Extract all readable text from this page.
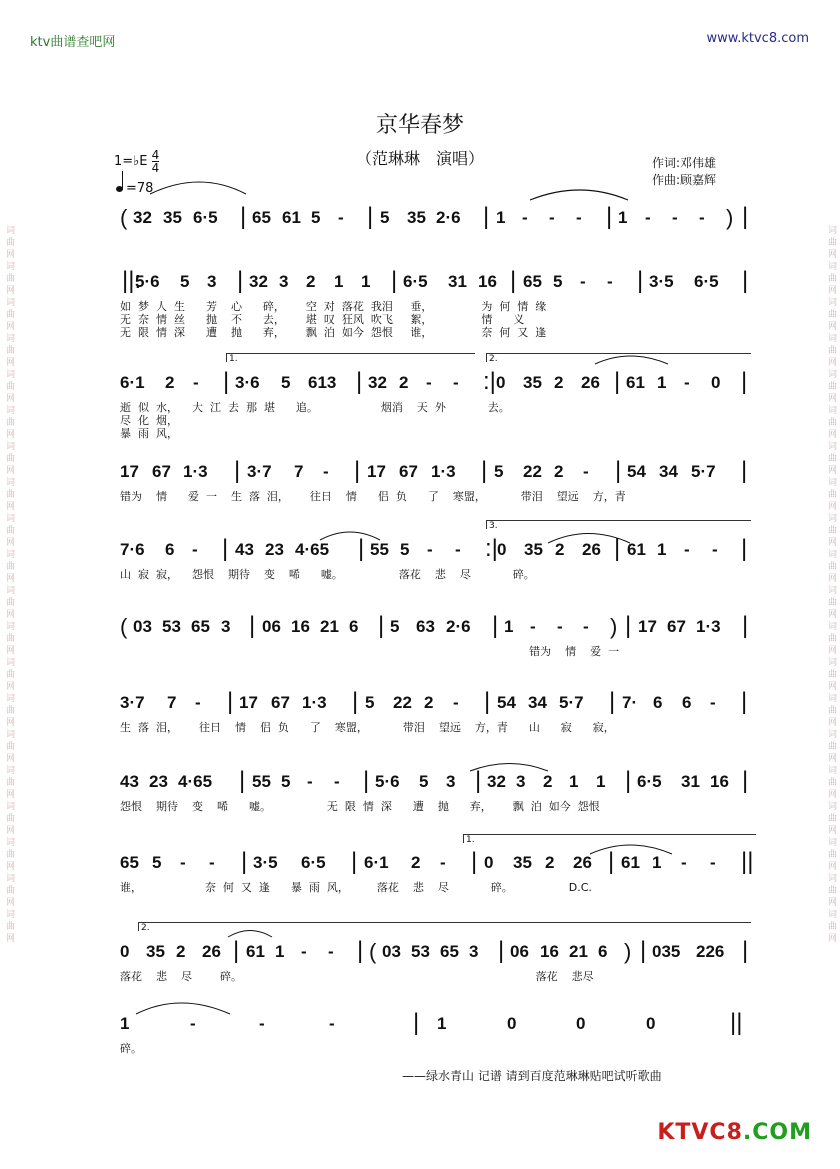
词曲网词曲网词曲网词曲网词曲网词曲网词曲网词曲网词曲网词曲网词曲网词曲网词曲网词曲网词曲网词曲网词曲网词曲网词曲网词曲网	词曲网词曲网词曲网词曲网词曲网词曲网词曲网词曲网词曲网词曲网词曲网词曲网词曲网词曲网词曲网词曲网词曲网词曲网词曲网词曲网
ktv曲谱查吧网	www.ktvc8.com
京华春梦
（范琳琳　演唱）
1=♭E $\frac{4}{4}$
=78
作词:邓伟雄
作曲:顾嘉辉
( 32 35 6·5 | 65 61 5 - | 5 35 2·6 | 1 - - - | 1 - - - ) |
||:
5·6 5 3 | 32 3 2 1 1 | 6·5 31 16 | 65 5 - - | 3·5 6·5 |
如  梦  人  生      芳    心      碎，      空  对  落花  我泪     垂，              为  何  情  缘
无  奈  情  丝      抛    不      去，      堪  叹  狂风  吹飞     絮，              情      义
无  限  情  深      遭    抛      弃，      飘  泊  如今  怨恨     谁，              奈  何  又  逢
6·1 2 - | 3·6 5 613 | 32 2 - - :| 0 35 2 26 | 61 1 - 0 |
逝  似  水，    大  江  去  那  堪      追。                  烟消    天  外            去。
尽  化  烟，
暴  雨  风，
17 67 1·3 | 3·7 7 - | 17 67 1·3 | 5 22 2 - | 54 34 5·7 |
错为    情      爱  一    生  落  泪，      往日    情      侣  负      了    寒盟，          带泪    望远    方，青
7·6 6 - | 43 23 4·65 | 55 5 - - :| 0 35 2 26 | 61 1 - - |
山  寂  寂，    怨恨    期待    变    唏      嘘。                落花    悲    尽            碎。
( 03 53 65 3 | 06 16 21 6 | 5 63 2·6 | 1 - - - ) | 17 67 1·3 |
错为    情    爱  一
3·7 7 - | 17 67 1·3 | 5 22 2 - | 54 34 5·7 | 7· 6 6 - |
生  落  泪，      往日    情    侣  负      了    寒盟，          带泪    望远    方，青      山      寂      寂，
43 23 4·65 | 55 5 - - | 5·6 5 3 | 32 3 2 1 1 | 6·5 31 16 |
怨恨    期待    变    唏      嘘。                无  限  情  深      遭    抛      弃，      飘  泊  如今  怨恨
65 5 - - | 3·5 6·5 | 6·1 2 - | 0 35 2 26 | 61 1 - - ||
谁，                  奈  何  又  逢      暴  雨  风，        落花    悲    尽            碎。                D.C.
0 35 2 26 | 61 1 - - | ( 03 53 65 3 | 06 16 21 6 ) | 035 226 |
落花    悲    尽        碎。                                                                                    落花    悲尽
1	-	-	-	| 1	0	0	0	||
碎。
1.	2.
3.
1.
2.
——绿水青山 记谱 请到百度范琳琳贴吧试听歌曲
KTVC8.COM
